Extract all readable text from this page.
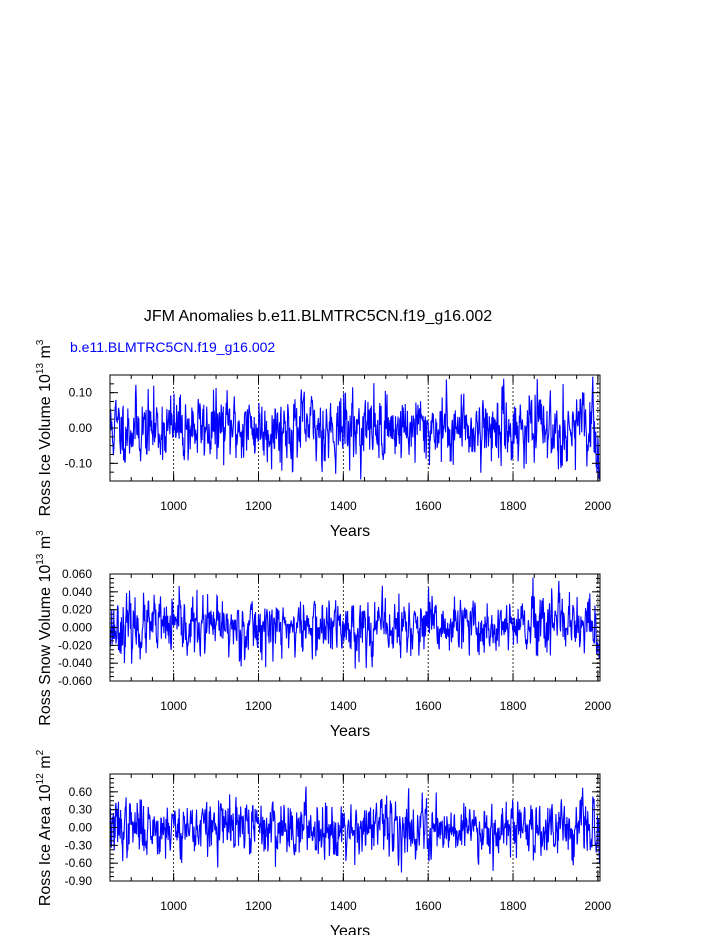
JFM Anomalies b.e11.BLMTRC5CN.f19_g16.002
b.e11.BLMTRC5CN.f19_g16.002
1000	1200	1400	1600	1800	2000
-0.10
0.00
0.10
Years
Ross Ice Volume $10^{13}$ $m^3$
1000	1200	1400	1600	1800	2000
-0.060
-0.040
-0.020
0.000
0.020
0.040
0.060
Years
Ross Snow Volume $10^{13}$ $m^3$
1000	1200	1400	1600	1800	2000
-0.90
-0.60
-0.30
0.00
0.30
0.60
Years
Ross Ice Area $10^{12}$ $m^2$
